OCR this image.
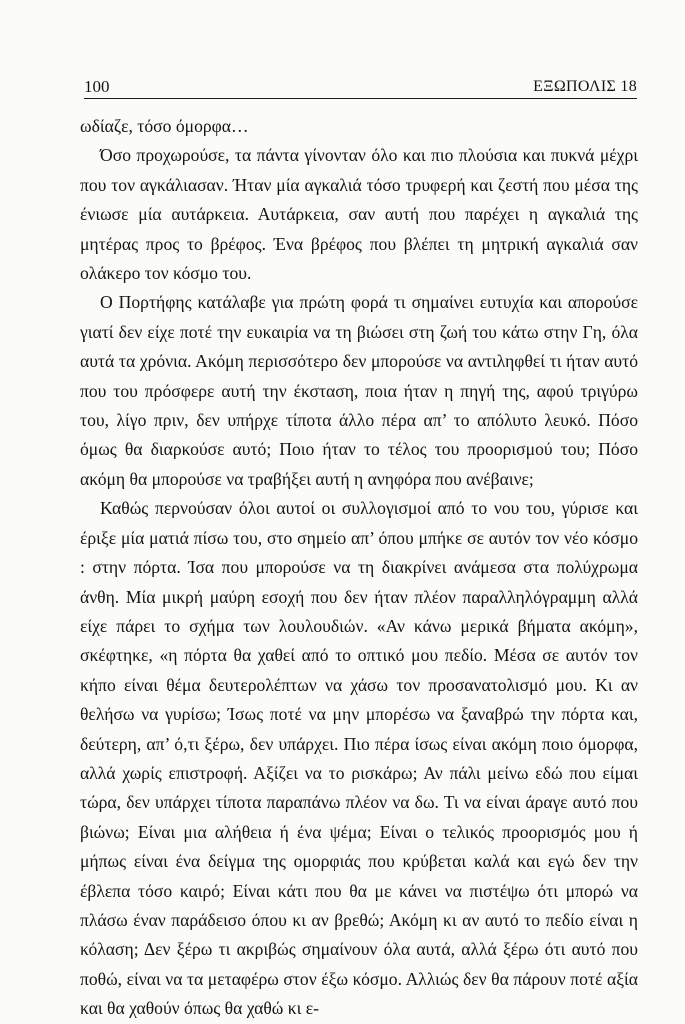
100	ΕΞΩΠΟΛΙΣ 18

ωδίαζε, τόσο όμορφα…

Όσο προχωρούσε, τα πάντα γίνονταν όλο και πιο πλούσια και πυκνά μέχρι που τον αγκάλιασαν. Ήταν μία αγκαλιά τόσο τρυφερή και ζεστή που μέσα της ένιωσε μία αυτάρκεια. Αυτάρκεια, σαν αυτή που παρέχει η αγκαλιά της μητέρας προς το βρέφος. Ένα βρέφος που βλέπει τη μητρική αγκαλιά σαν ολάκερο τον κόσμο του.

Ο Πορτήφης κατάλαβε για πρώτη φορά τι σημαίνει ευτυχία και απορούσε γιατί δεν είχε ποτέ την ευκαιρία να τη βιώσει στη ζωή του κάτω στην Γη, όλα αυτά τα χρόνια. Ακόμη περισσότερο δεν μπορούσε να αντιληφθεί τι ήταν αυτό που του πρόσφερε αυτή την έκσταση, ποια ήταν η πηγή της, αφού τριγύρω του, λίγο πριν, δεν υπήρχε τίποτα άλλο πέρα απ’ το απόλυτο λευκό. Πόσο όμως θα διαρκούσε αυτό; Ποιο ήταν το τέλος του προορισμού του; Πόσο ακόμη θα μπορούσε να τραβήξει αυτή η ανηφόρα που ανέβαινε;

Καθώς περνούσαν όλοι αυτοί οι συλλογισμοί από το νου του, γύρισε και έριξε μία ματιά πίσω του, στο σημείο απ’ όπου μπήκε σε αυτόν τον νέο κόσμο : στην πόρτα. Ίσα που μπορούσε να τη διακρίνει ανάμεσα στα πολύχρωμα άνθη. Μία μικρή μαύρη εσοχή που δεν ήταν πλέον παραλληλόγραμμη αλλά είχε πάρει το σχήμα των λουλουδιών. «Αν κάνω μερικά βήματα ακόμη», σκέφτηκε, «η πόρτα θα χαθεί από το οπτικό μου πεδίο. Μέσα σε αυτόν τον κήπο είναι θέμα δευτερολέπτων να χάσω τον προσανατολισμό μου. Κι αν θελήσω να γυρίσω; Ίσως ποτέ να μην μπορέσω να ξαναβρώ την πόρτα και, δεύτερη, απ’ ό,τι ξέρω, δεν υπάρχει. Πιο πέρα ίσως είναι ακόμη ποιο όμορφα, αλλά χωρίς επιστροφή. Αξίζει να το ρισκάρω; Αν πάλι μείνω εδώ που είμαι τώρα, δεν υπάρχει τίποτα παραπάνω πλέον να δω. Τι να είναι άραγε αυτό που βιώνω; Είναι μια αλήθεια ή ένα ψέμα; Είναι ο τελικός προορισμός μου ή μήπως είναι ένα δείγμα της ομορφιάς που κρύβεται καλά και εγώ δεν την έβλεπα τόσο καιρό; Είναι κάτι που θα με κάνει να πιστέψω ότι μπορώ να πλάσω έναν παράδεισο όπου κι αν βρεθώ; Ακόμη κι αν αυτό το πεδίο είναι η κόλαση; Δεν ξέρω τι ακριβώς σημαίνουν όλα αυτά, αλλά ξέρω ότι αυτό που ποθώ, είναι να τα μεταφέρω στον έξω κόσμο. Αλλιώς δεν θα πάρουν ποτέ αξία και θα χαθούν όπως θα χαθώ κι ε-
